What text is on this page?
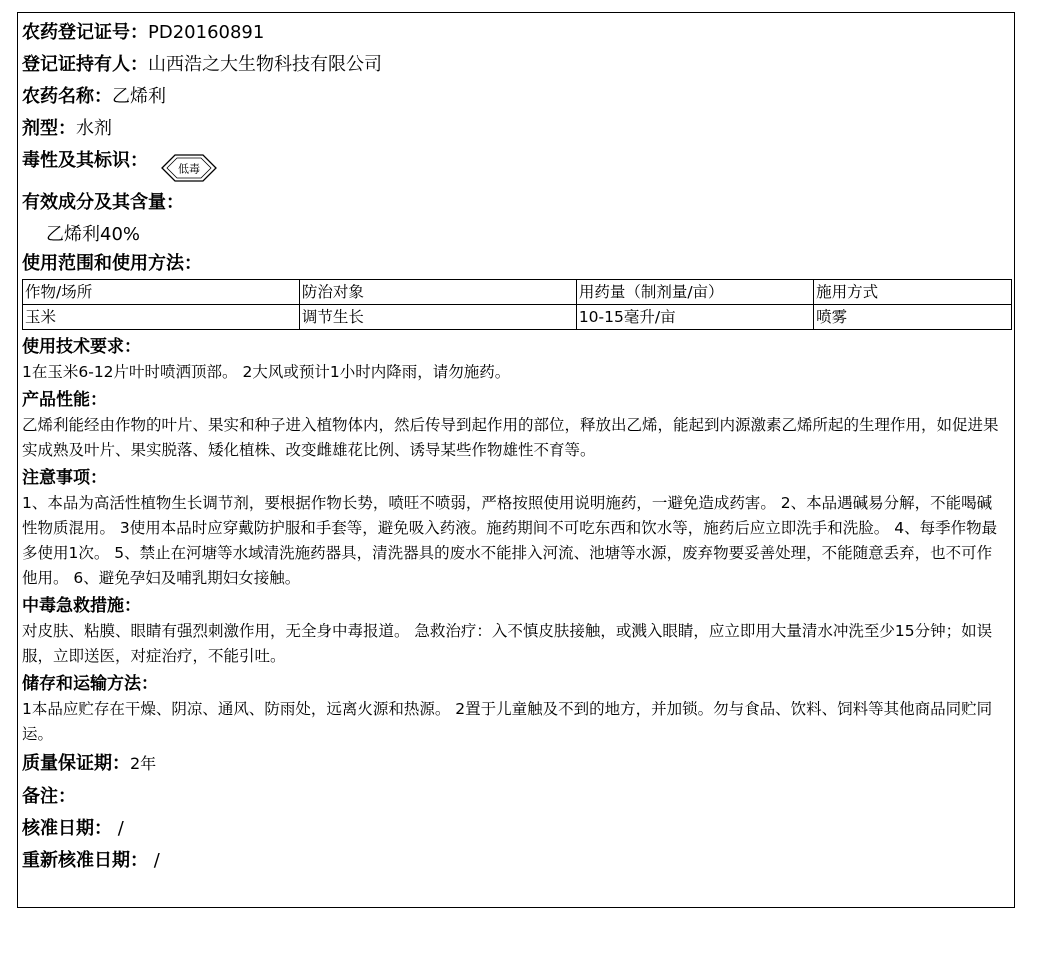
农药登记证号： PD20160891
登记证持有人： 山西浩之大生物科技有限公司
农药名称： 乙烯利
剂型： 水剂
毒性及其标识：	低毒
有效成分及其含量：
乙烯利40%
使用范围和使用方法：
作物/场所	防治对象	用药量（制剂量/亩）	施用方式
玉米	调节生长	10-15毫升/亩	喷雾
使用技术要求：

1在玉米6-12片叶时喷洒顶部。 2大风或预计1小时内降雨，请勿施药。

产品性能：

乙烯利能经由作物的叶片、果实和种子进入植物体内，然后传导到起作用的部位，释放出乙烯，能起到内源激素乙烯所起的生理作用，如促进果实成熟及叶片、果实脱落、矮化植株、改变雌雄花比例、诱导某些作物雄性不育等。

注意事项：

1、本品为高活性植物生长调节剂，要根据作物长势，喷旺不喷弱，严格按照使用说明施药，一避免造成药害。 2、本品遇碱易分解，不能喝碱性物质混用。 3使用本品时应穿戴防护服和手套等，避免吸入药液。施药期间不可吃东西和饮水等，施药后应立即洗手和洗脸。 4、每季作物最多使用1次。 5、禁止在河塘等水域清洗施药器具，清洗器具的废水不能排入河流、池塘等水源，废弃物要妥善处理，不能随意丢弃，也不可作他用。 6、避免孕妇及哺乳期妇女接触。

中毒急救措施：

对皮肤、粘膜、眼睛有强烈刺激作用，无全身中毒报道。 急救治疗：入不慎皮肤接触，或溅入眼睛，应立即用大量清水冲洗至少15分钟；如误服，立即送医，对症治疗，不能引吐。

储存和运输方法：

1本品应贮存在干燥、阴凉、通风、防雨处，远离火源和热源。 2置于儿童触及不到的地方，并加锁。勿与食品、饮料、饲料等其他商品同贮同运。

质量保证期： 2年
备注：
核准日期： /
重新核准日期： /
